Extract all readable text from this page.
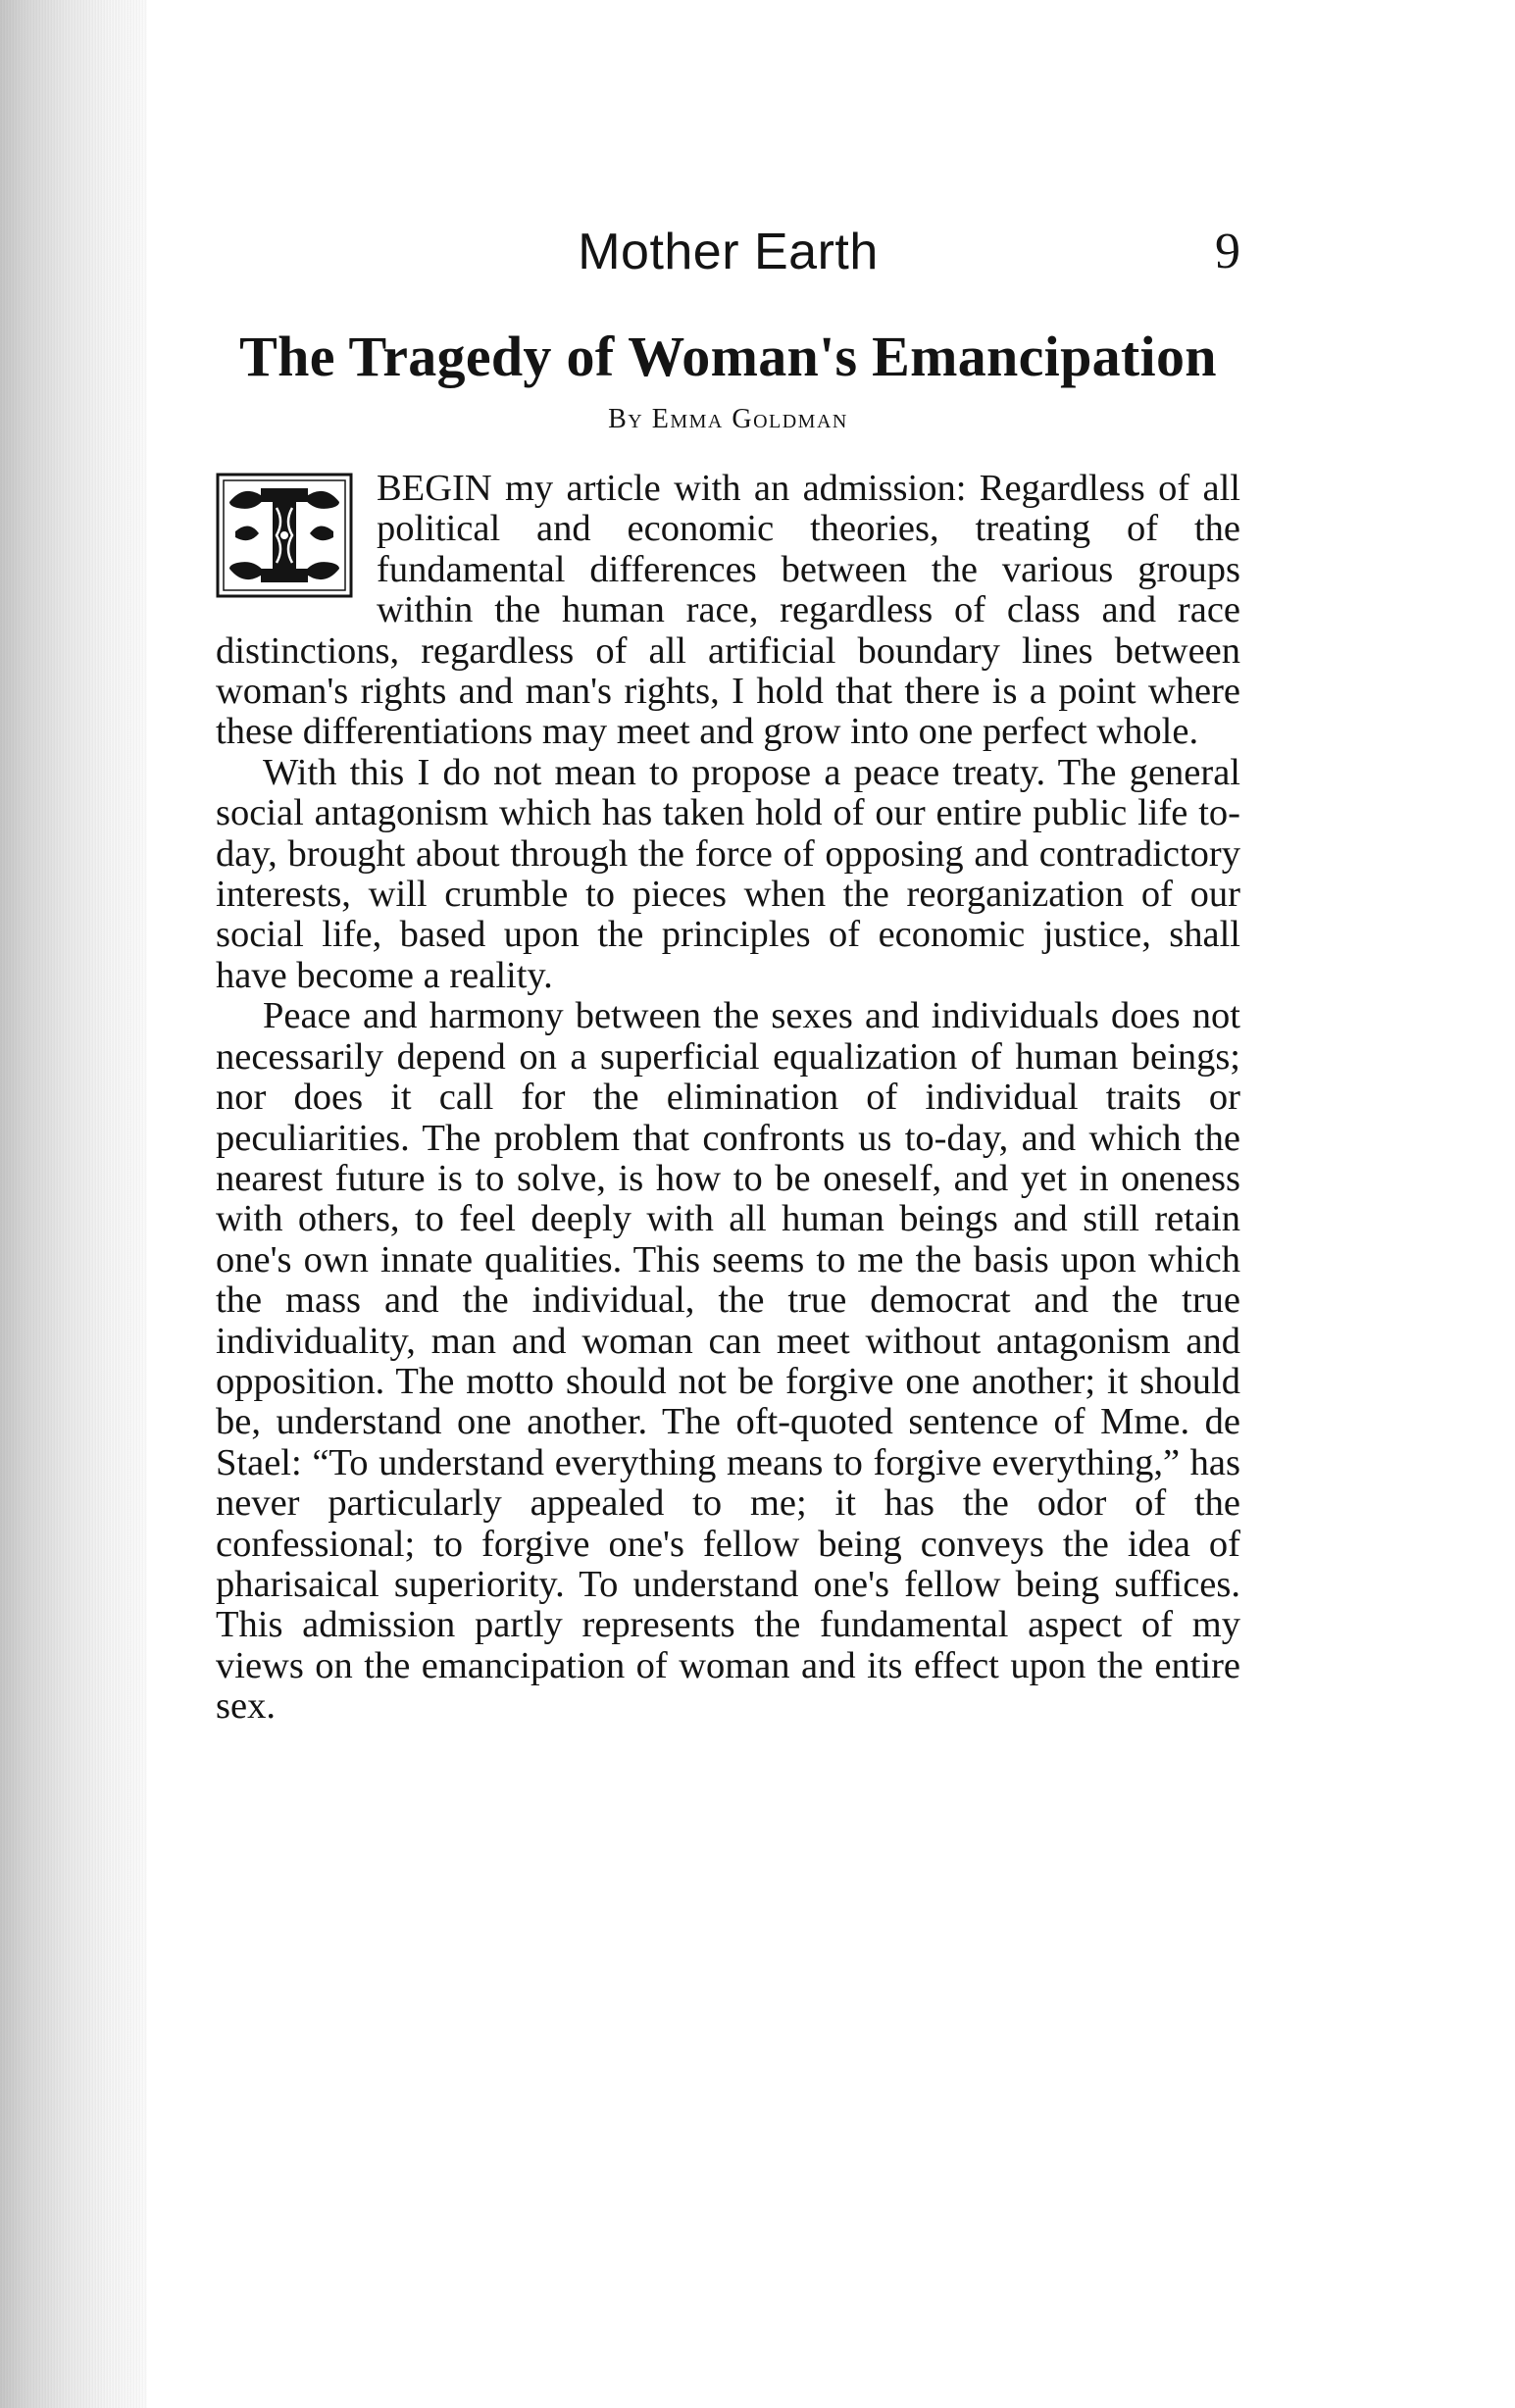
Mother Earth	9
The Tragedy of Woman's Emancipation
By Emma Goldman

BEGIN my article with an admission: Regardless of all political and economic theories, treating of the fundamental differences between the various groups within the human race, regardless of class and race distinctions, regardless of all artificial boundary lines between woman's rights and man's rights, I hold that there is a point where these differentiations may meet and grow into one perfect whole.

With this I do not mean to propose a peace treaty. The general social antagonism which has taken hold of our entire public life to-day, brought about through the force of opposing and contradictory interests, will crumble to pieces when the reorganization of our social life, based upon the principles of economic justice, shall have become a reality.

Peace and harmony between the sexes and individuals does not necessarily depend on a superficial equalization of human beings; nor does it call for the elimination of individual traits or peculiarities. The problem that confronts us to-day, and which the nearest future is to solve, is how to be oneself, and yet in oneness with others, to feel deeply with all human beings and still retain one's own innate qualities. This seems to me the basis upon which the mass and the individual, the true democrat and the true individuality, man and woman can meet without antagonism and opposition. The motto should not be forgive one another; it should be, understand one another. The oft-quoted sentence of Mme. de Stael: “To understand everything means to forgive everything,” has never particularly appealed to me; it has the odor of the confessional; to forgive one's fellow being conveys the idea of pharisaical superiority. To understand one's fellow being suffices. This admission partly represents the fundamental aspect of my views on the emancipation of woman and its effect upon the entire sex.
